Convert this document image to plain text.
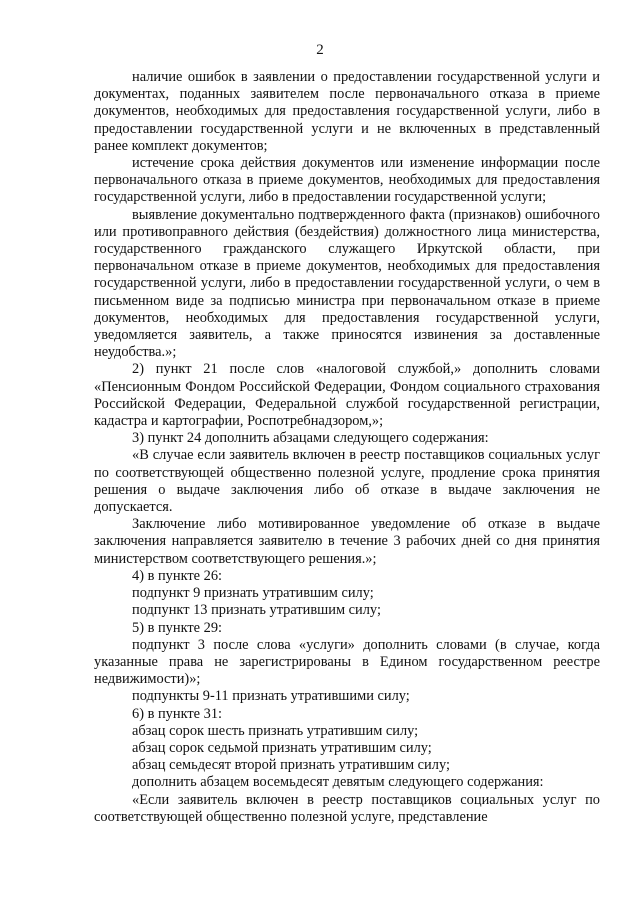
2

наличие ошибок в заявлении о предоставлении государственной услуги и документах, поданных заявителем после первоначального отказа в приеме документов, необходимых для предоставления государственной услуги, либо в предоставлении государственной услуги и не включенных в представленный ранее комплект документов;

истечение срока действия документов или изменение информации после первоначального отказа в приеме документов, необходимых для предоставления государственной услуги, либо в предоставлении государственной услуги;

выявление документально подтвержденного факта (признаков) ошибочного или противоправного действия (бездействия) должностного лица министерства, государственного гражданского служащего Иркутской области, при первоначальном отказе в приеме документов, необходимых для предоставления государственной услуги, либо в предоставлении государственной услуги, о чем в письменном виде за подписью министра при первоначальном отказе в приеме документов, необходимых для предоставления государственной услуги, уведомляется заявитель, а также приносятся извинения за доставленные неудобства.»;

2) пункт 21 после слов «налоговой службой,» дополнить словами «Пенсионным Фондом Российской Федерации, Фондом социального страхования Российской Федерации, Федеральной службой государственной регистрации, кадастра и картографии, Роспотребнадзором,»;

3) пункт 24 дополнить абзацами следующего содержания:

«В случае если заявитель включен в реестр поставщиков социальных услуг по соответствующей общественно полезной услуге, продление срока принятия решения о выдаче заключения либо об отказе в выдаче заключения не допускается.

Заключение либо мотивированное уведомление об отказе в выдаче заключения направляется заявителю в течение 3 рабочих дней со дня принятия министерством соответствующего решения.»;

4) в пункте 26:

подпункт 9 признать утратившим силу;

подпункт 13 признать утратившим силу;

5) в пункте 29:

подпункт 3 после слова «услуги» дополнить словами (в случае, когда указанные права не зарегистрированы в Едином государственном реестре недвижимости)»;

подпункты 9-11 признать утратившими силу;

6) в пункте 31:

абзац сорок шесть признать утратившим силу;

абзац сорок седьмой признать утратившим силу;

абзац семьдесят второй признать утратившим силу;

дополнить абзацем восемьдесят девятым следующего содержания:

«Если заявитель включен в реестр поставщиков социальных услуг по соответствующей общественно полезной услуге, представление
